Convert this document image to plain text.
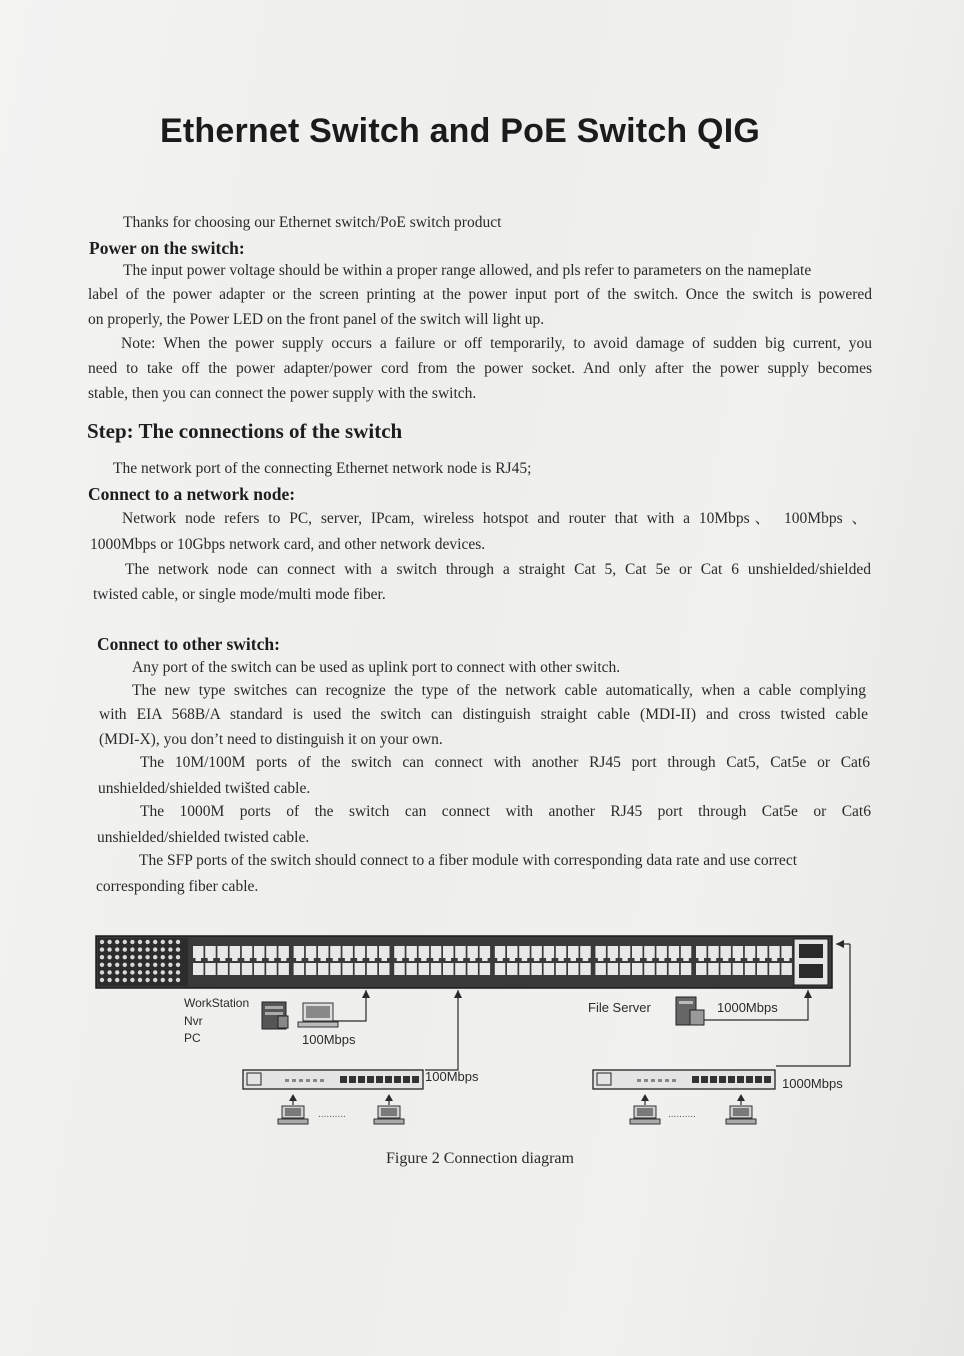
Ethernet Switch and PoE Switch QIG
Thanks for choosing our Ethernet switch/PoE switch product
Power on the switch:
The input power voltage should be within a proper range allowed, and pls refer to parameters on the nameplate
label of the power adapter or the screen printing at the power input port of the switch. Once the switch is powered
on properly, the Power LED on the front panel of the switch will light up.
Note: When the power supply occurs a failure or off temporarily, to avoid damage of sudden big current, you
need to take off the power adapter/power cord from the power socket. And only after the power supply becomes
stable, then you can connect the power supply with the switch.
Step: The connections of the switch
The network port of the connecting Ethernet network node is RJ45;
Connect to a network node:
Network node refers to PC, server, IPcam, wireless hotspot and router that with a 10Mbps、 100Mbps 、
1000Mbps or 10Gbps network card, and other network devices.
The network node can connect with a switch through a straight Cat 5, Cat 5e or Cat 6 unshielded/shielded
twisted cable, or single mode/multi mode fiber.
Connect to other switch:
Any port of the switch can be used as uplink port to connect with other switch.
The new type switches can recognize the type of the network cable automatically, when a cable complying
with EIA 568B/A standard is used the switch can distinguish straight cable (MDI-II) and cross twisted cable
(MDI-X), you don’t need to distinguish it on your own.
The 10M/100M ports of the switch can connect with another RJ45 port through Cat5, Cat5e or Cat6
unshielded/shielded twišted cable.
The 1000M ports of the switch can connect with another RJ45 port through Cat5e or Cat6
unshielded/shielded twisted cable.
The SFP ports of the switch should connect to a fiber module with corresponding data rate and use correct
corresponding fiber cable.
..........	..........
WorkStation
Nvr
PC	100Mbps
100Mbps
File Server	1000Mbps
1000Mbps
Figure 2 Connection diagram
